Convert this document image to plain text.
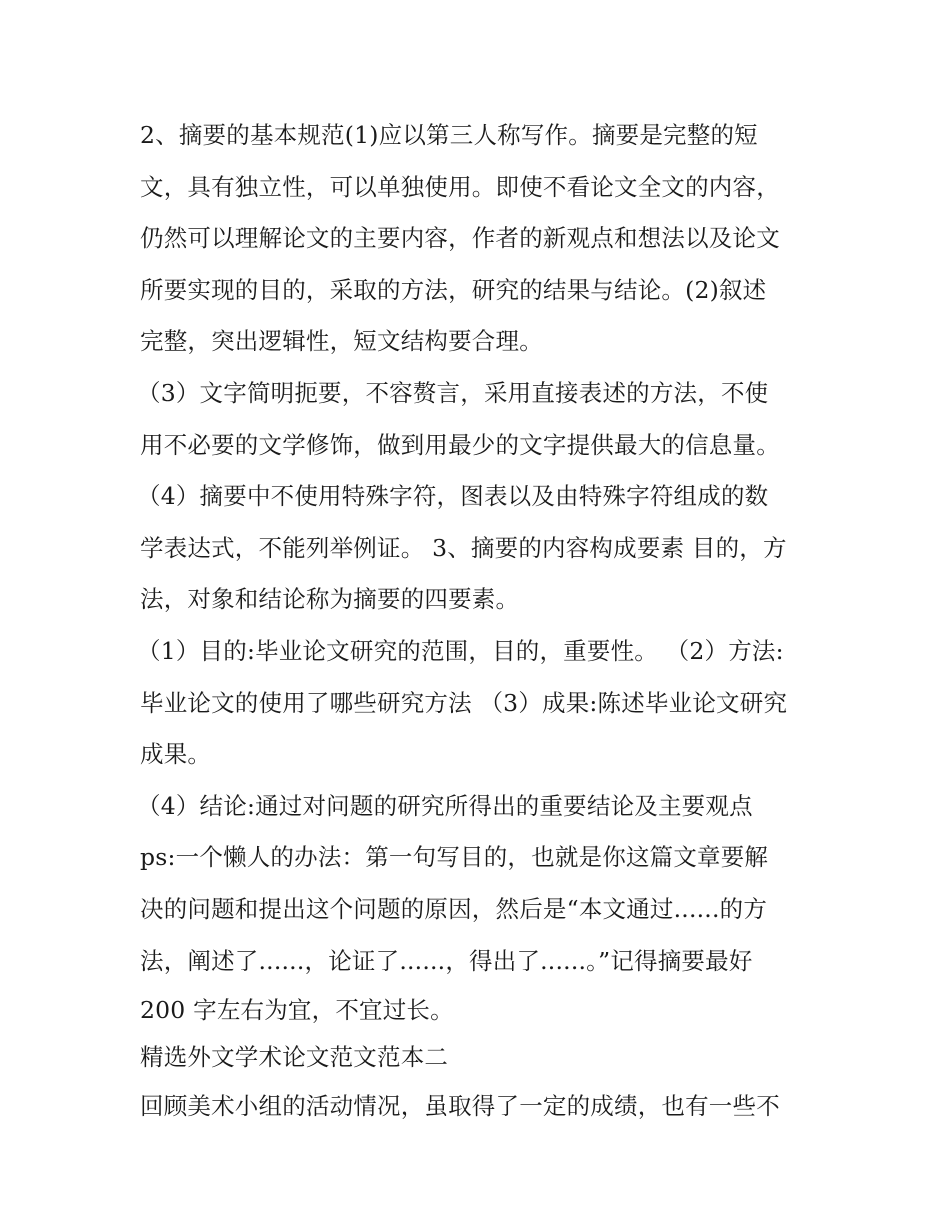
2、摘要的基本规范(1)应以第三人称写作。摘要是完整的短
文，具有独立性，可以单独使用。即使不看论文全文的内容，
仍然可以理解论文的主要内容，作者的新观点和想法以及论文
所要实现的目的，采取的方法，研究的结果与结论。(2)叙述
完整，突出逻辑性，短文结构要合理。
（3）文字简明扼要，不容赘言，采用直接表述的方法，不使
用不必要的文学修饰，做到用最少的文字提供最大的信息量。
（4）摘要中不使用特殊字符，图表以及由特殊字符组成的数
学表达式，不能列举例证。 3、摘要的内容构成要素 目的，方
法，对象和结论称为摘要的四要素。
（1）目的:毕业论文研究的范围，目的，重要性。 （2）方法:
毕业论文的使用了哪些研究方法 （3）成果:陈述毕业论文研究
成果。
（4）结论:通过对问题的研究所得出的重要结论及主要观点
ps:一个懒人的办法：第一句写目的，也就是你这篇文章要解
决的问题和提出这个问题的原因，然后是“本文通过......的方
法，阐述了......，论证了......，得出了......。”记得摘要最好
200 字左右为宜，不宜过长。
精选外文学术论文范文范本二
回顾美术小组的活动情况，虽取得了一定的成绩，也有一些不
